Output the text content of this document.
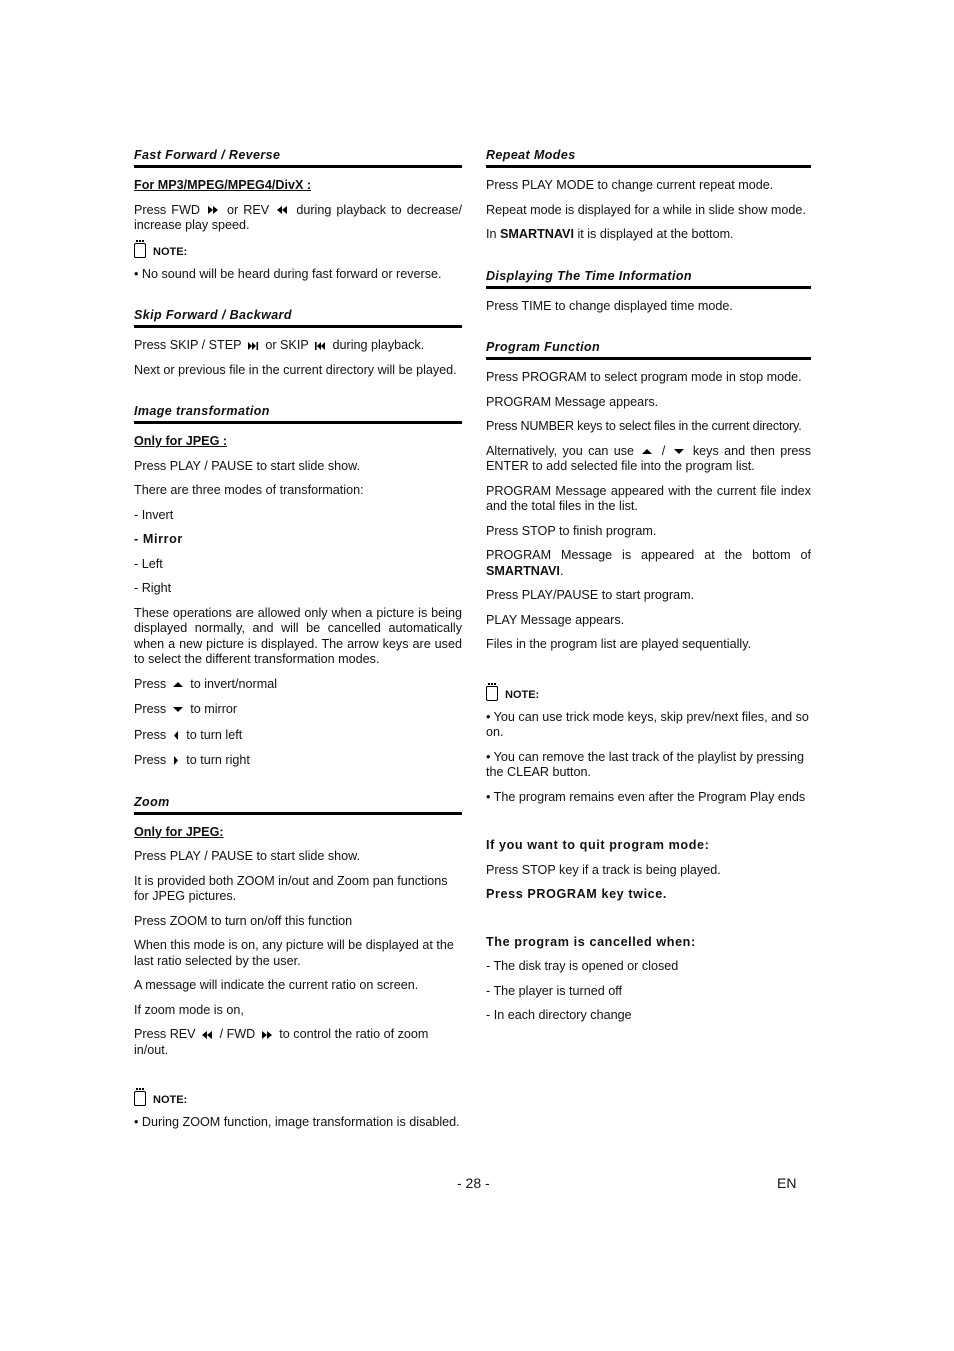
Fast Forward / Reverse

For MP3/MPEG/MPEG4/DivX :

Press FWD or REV during playback to decrease/ increase play speed.

NOTE:

• No sound will be heard during fast forward or reverse.

Skip Forward / Backward

Press SKIP / STEP or SKIP during playback.

Next or previous file in the current directory will be played.

Image transformation

Only for JPEG :

Press PLAY / PAUSE to start slide show.

There are three modes of transformation:

- Invert

- Mirror

- Left

- Right

These operations are allowed only when a picture is being displayed normally, and will be cancelled automatically when a new picture is displayed. The arrow keys are used to select the different transformation modes.

Press to invert/normal

Press to mirror

Press to turn left

Press to turn right

Zoom

Only for JPEG:

Press PLAY / PAUSE to start slide show.

It is provided both ZOOM in/out and Zoom pan functions for JPEG pictures.

Press ZOOM to turn on/off this function

When this mode is on, any picture will be displayed at the last ratio selected by the user.

A message will indicate the current ratio on screen.

If zoom mode is on,

Press REV / FWD to control the ratio of zoom in/out.

NOTE:

• During ZOOM function, image transformation is disabled.

Repeat Modes

Press PLAY MODE to change current repeat mode.

Repeat mode is displayed for a while in slide show mode.

In SMARTNAVI it is displayed at the bottom.

Displaying The Time Information

Press TIME to change displayed time mode.

Program Function

Press PROGRAM to select program mode in stop mode.

PROGRAM Message appears.

Press NUMBER keys to select files in the current directory.

Alternatively, you can use / keys and then press ENTER to add selected file into the program list.

PROGRAM Message appeared with the current file index and the total files in the list.

Press STOP to finish program.

PROGRAM Message is appeared at the bottom of SMARTNAVI.

Press PLAY/PAUSE to start program.

PLAY Message appears.

Files in the program list are played sequentially.

NOTE:

• You can use trick mode keys, skip prev/next files, and so on.

• You can remove the last track of the playlist by pressing the CLEAR button.

• The program remains even after the Program Play ends

If you want to quit program mode:

Press STOP key if a track is being played.

Press PROGRAM key twice.

The program is cancelled when:

- The disk tray is opened or closed

- The player is turned off

- In each directory change

- 28 -	EN
